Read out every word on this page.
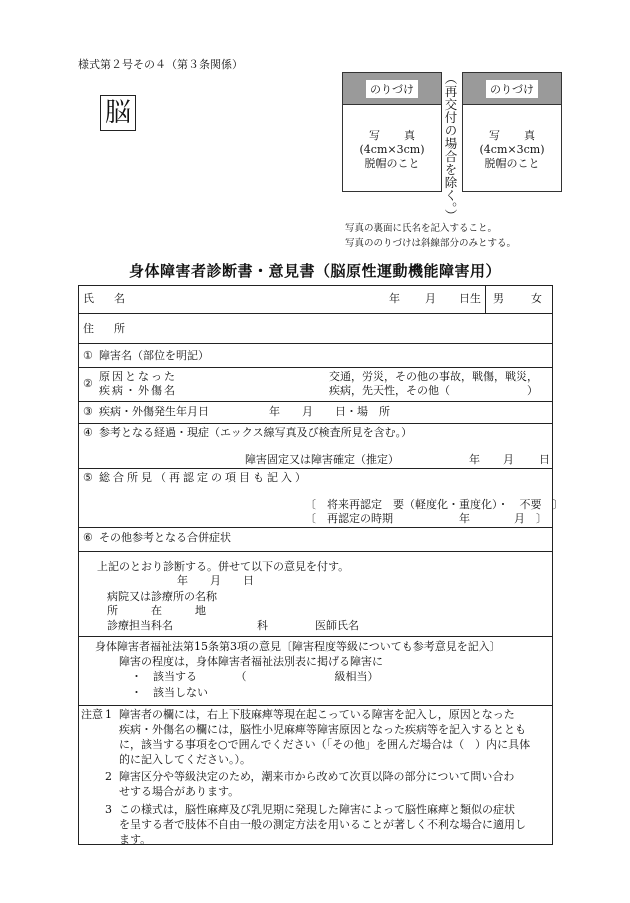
様式第２号その４（第３条関係）
脳
のりづけ
写真
(4cm×3cm)
脱帽のこと	（再交付の場合を除く。）	のりづけ
写真
(4cm×3cm)
脱帽のこと
写真の裏面に氏名を記入すること。
写真ののりづけは斜線部分のみとする。
身体障害者診断書・意見書（脳原性運動機能障害用）
氏名	年 月 日生 男 女
住所
① 障害名（部位を明記）
②
原因となった
疾病・外傷名
交通，労災，その他の事故，戦傷，戦災，
疾病，先天性，その他（　　　　　　　）
③ 疾病・外傷発生年月日	年　　月　　日・場　所
④ 参考となる経過・現症（エックス線写真及び検査所見を含む。）
障害固定又は障害確定（推定）	年 月 日
⑤ 総合所見（再認定の項目も記入）
〔　将来再認定　要（軽度化・重度化）・　不要　〕
〔　再認定の時期　　　　　　年　　　　月　〕
⑥ その他参考となる合併症状
上記のとおり診断する。併せて以下の意見を付す。
年　　月　　日
病院又は診療所の名称
所　　　在　　　地
診療担当科名	科	医師氏名
身体障害者福祉法第15条第3項の意見〔障害程度等級についても参考意見を記入〕
障害の程度は，身体障害者福祉法別表に掲げる障害に
・　該当する　　　　（　　　　　　　　級相当）
・　該当しない
注意 1 障害者の欄には，右上下肢麻痺等現在起こっている障害を記入し，原因となった
疾病・外傷名の欄には，脳性小児麻痺等障害原因となった疾病等を記入するととも
に，該当する事項を○で囲んでください（「その他」を囲んだ場合は（　）内に具体
的に記入してください。）。
2 障害区分や等級決定のため，潮来市から改めて次頁以降の部分について問い合わ
せする場合があります。
3 この様式は，脳性麻痺及び乳児期に発現した障害によって脳性麻痺と類似の症状
を呈する者で肢体不自由一般の測定方法を用いることが著しく不利な場合に適用し
ます。
